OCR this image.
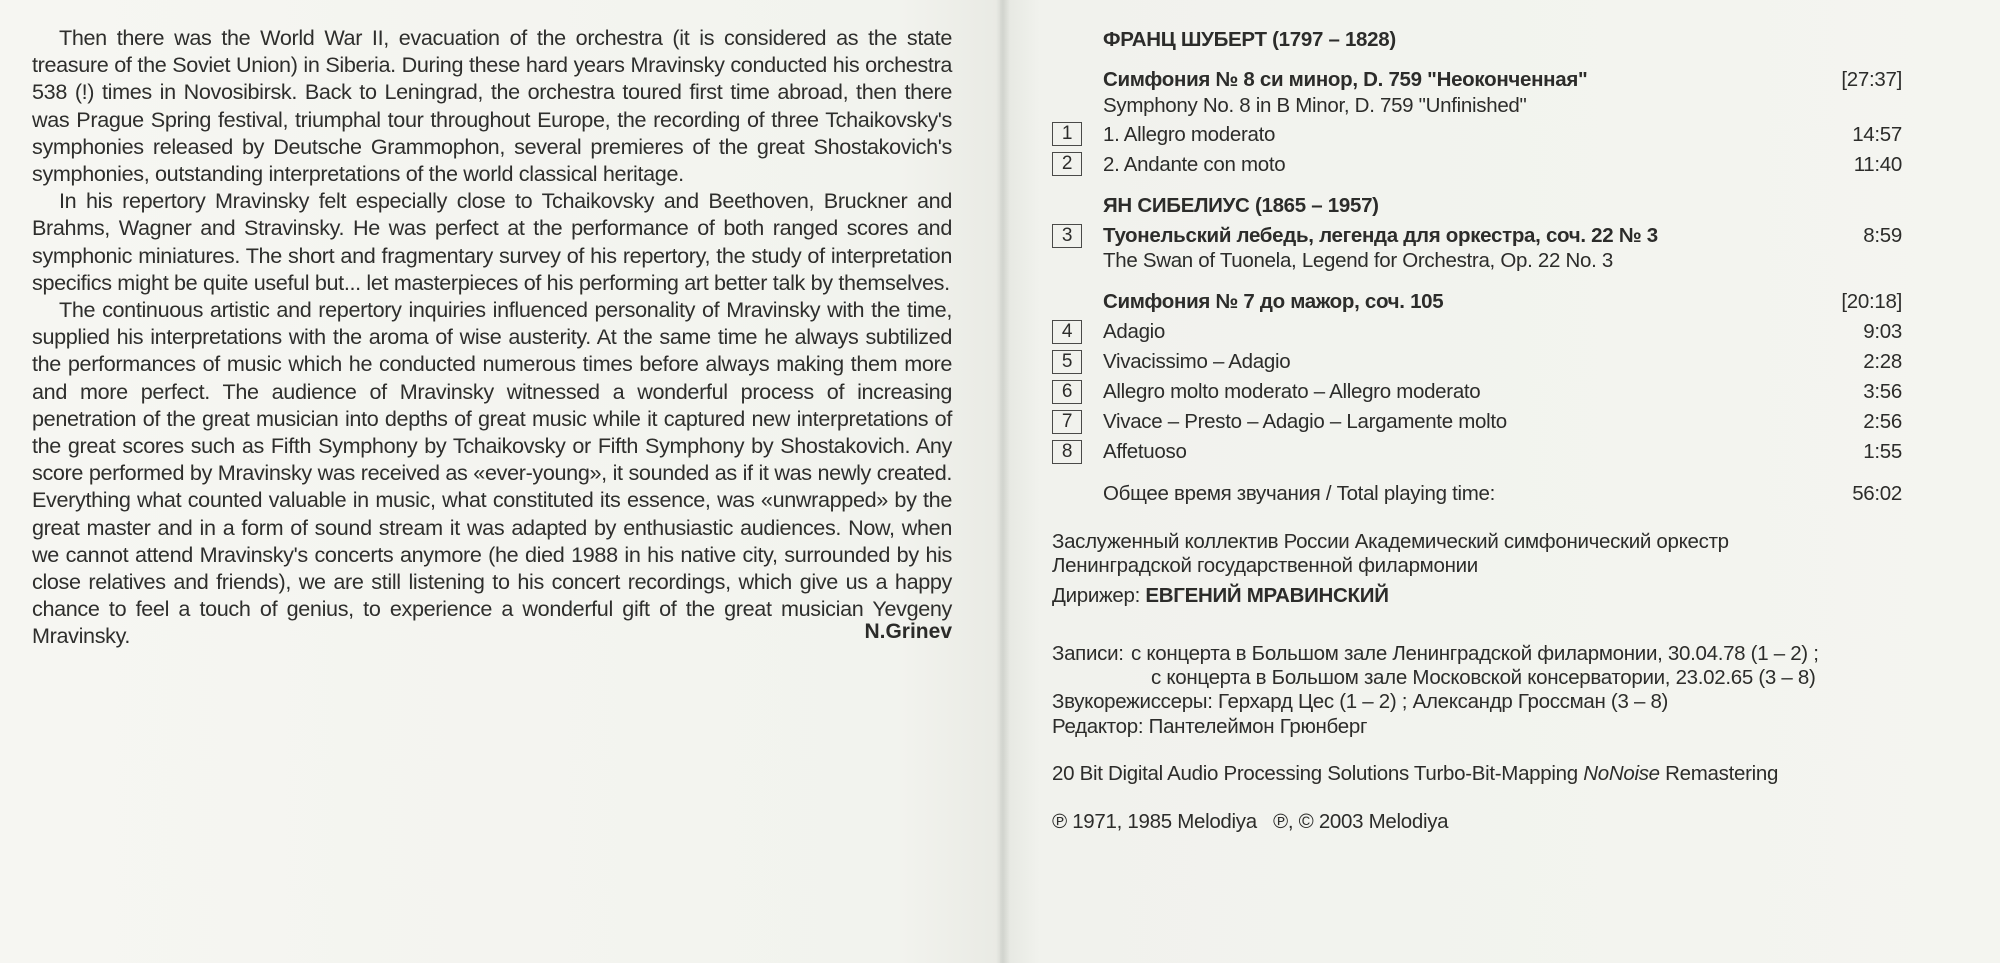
Then there was the World War II, evacuation of the orchestra (it is considered as the state treasure of the Soviet Union) in Siberia. During these hard years Mravinsky conducted his orchestra 538 (!) times in Novosibirsk. Back to Leningrad, the orchestra toured first time abroad, then there was Prague Spring festival, triumphal tour throughout Europe, the recording of three Tchaikovsky's symphonies released by Deutsche Grammophon, several premieres of the great Shostakovich's symphonies, outstanding interpretations of the world classical heritage.

In his repertory Mravinsky felt especially close to Tchaikovsky and Beethoven, Bruckner and Brahms, Wagner and Stravinsky. He was perfect at the performance of both ranged scores and symphonic miniatures. The short and fragmentary survey of his repertory, the study of interpretation specifics might be quite useful but... let masterpieces of his performing art better talk by themselves.

The continuous artistic and repertory inquiries influenced personality of Mravinsky with the time, supplied his interpretations with the aroma of wise austerity. At the same time he always subtilized the performances of music which he conducted numerous times before always making them more and more perfect. The audience of Mravinsky witnessed a wonderful process of increasing penetration of the great musician into depths of great music while it captured new interpretations of the great scores such as Fifth Symphony by Tchaikovsky or Fifth Symphony by Shostakovich. Any score performed by Mravinsky was received as «ever-young», it sounded as if it was newly created. Everything what counted valuable in music, what constituted its essence, was «unwrapped» by the great master and in a form of sound stream it was adapted by enthusiastic audiences. Now, when we cannot attend Mravinsky's concerts anymore (he died 1988 in his native city, surrounded by his close relatives and friends), we are still listening to his concert recordings, which give us a happy chance to feel a touch of genius, to experience a wonderful gift of the great musician Yevgeny Mravinsky.	N.Grinev
ФРАНЦ ШУБЕРТ (1797 – 1828)
Симфония № 8 си минор, D. 759 "Неоконченная"	[27:37]
Symphony No. 8 in B Minor, D. 759 "Unfinished"
1	1. Allegro moderato	14:57
2	2. Andante con moto	11:40
ЯН СИБЕЛИУС (1865 – 1957)
3	Туонельский лебедь, легенда для оркестра, соч. 22 № 3	8:59
The Swan of Tuonela, Legend for Orchestra, Op. 22 No. 3
Симфония № 7 до мажор, соч. 105	[20:18]
4	Adagio	9:03
5	Vivacissimo – Adagio	2:28
6	Allegro molto moderato – Allegro moderato	3:56
7	Vivace – Presto – Adagio – Largamente molto	2:56
8	Affetuoso	1:55
Общее время звучания / Total playing time:	56:02
Заслуженный коллектив России Академический симфонический оркестр
Ленинградской государственной филармонии
Дирижер: ЕВГЕНИЙ МРАВИНСКИЙ
Записи: с концерта в Большом зале Ленинградской филармонии, 30.04.78 (1 – 2) ;
с концерта в Большом зале Московской консерватории, 23.02.65 (3 – 8)
Звукорежиссеры: Герхард Цес (1 – 2) ; Александр Гроссман (3 – 8)
Редактор: Пантелеймон Грюнберг
20 Bit Digital Audio Processing Solutions Turbo-Bit-Mapping NoNoise Remastering
℗ 1971, 1985 Melodiya   ℗, © 2003 Melodiya
